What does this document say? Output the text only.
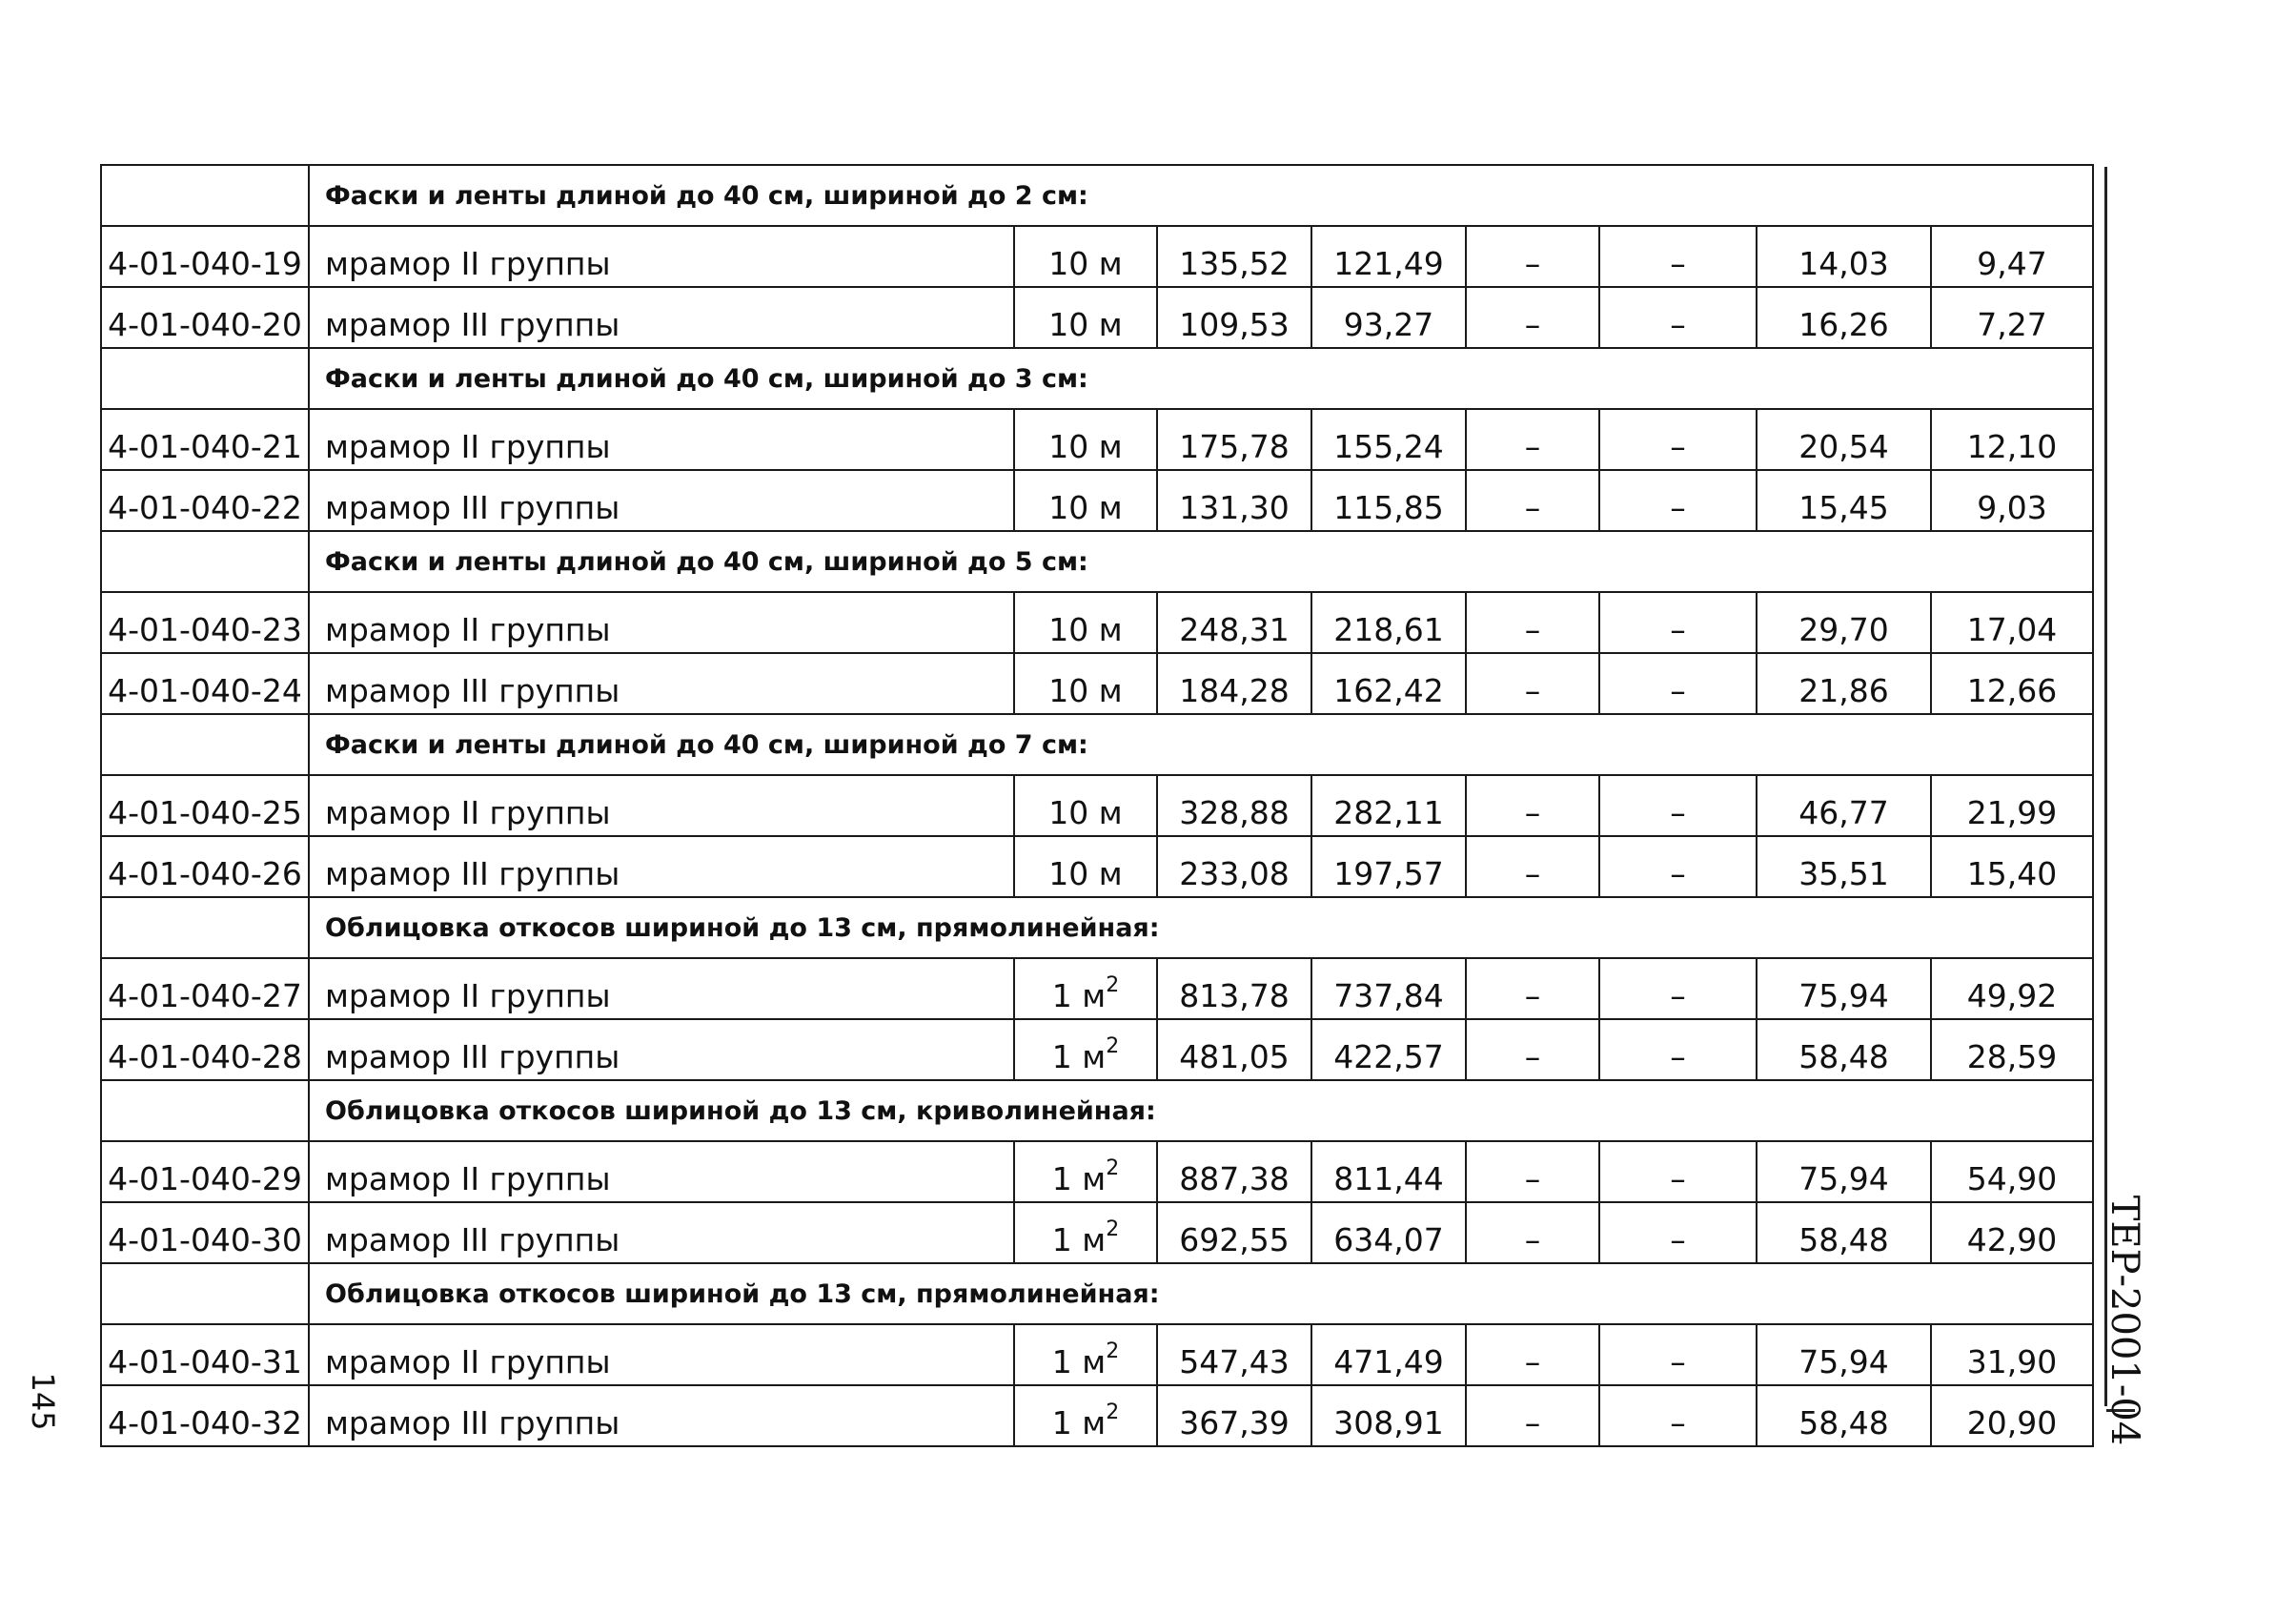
	Фаски и ленты длиной до 40 см, шириной до 2 см:							
4-01-040-19	мрамор II группы	10 м	135,52	121,49	–	–	14,03	9,47
4-01-040-20	мрамор III группы	10 м	109,53	93,27	–	–	16,26	7,27
	Фаски и ленты длиной до 40 см, шириной до 3 см:							
4-01-040-21	мрамор II группы	10 м	175,78	155,24	–	–	20,54	12,10
4-01-040-22	мрамор III группы	10 м	131,30	115,85	–	–	15,45	9,03
	Фаски и ленты длиной до 40 см, шириной до 5 см:							
4-01-040-23	мрамор II группы	10 м	248,31	218,61	–	–	29,70	17,04
4-01-040-24	мрамор III группы	10 м	184,28	162,42	–	–	21,86	12,66
	Фаски и ленты длиной до 40 см, шириной до 7 см:							
4-01-040-25	мрамор II группы	10 м	328,88	282,11	–	–	46,77	21,99
4-01-040-26	мрамор III группы	10 м	233,08	197,57	–	–	35,51	15,40
	Облицовка откосов шириной до 13 см, прямолинейная:							
4-01-040-27	мрамор II группы	1 $м^2$	813,78	737,84	–	–	75,94	49,92
4-01-040-28	мрамор III группы	1 $м^2$	481,05	422,57	–	–	58,48	28,59
	Облицовка откосов шириной до 13 см, криволинейная:							
4-01-040-29	мрамор II группы	1 $м^2$	887,38	811,44	–	–	75,94	54,90
4-01-040-30	мрамор III группы	1 $м^2$	692,55	634,07	–	–	58,48	42,90
	Облицовка откосов шириной до 13 см, прямолинейная:							
4-01-040-31	мрамор II группы	1 $м^2$	547,43	471,49	–	–	75,94	31,90
4-01-040-32	мрамор III группы	1 $м^2$	367,39	308,91	–	–	58,48	20,90 ТЕР-2001-04
145
